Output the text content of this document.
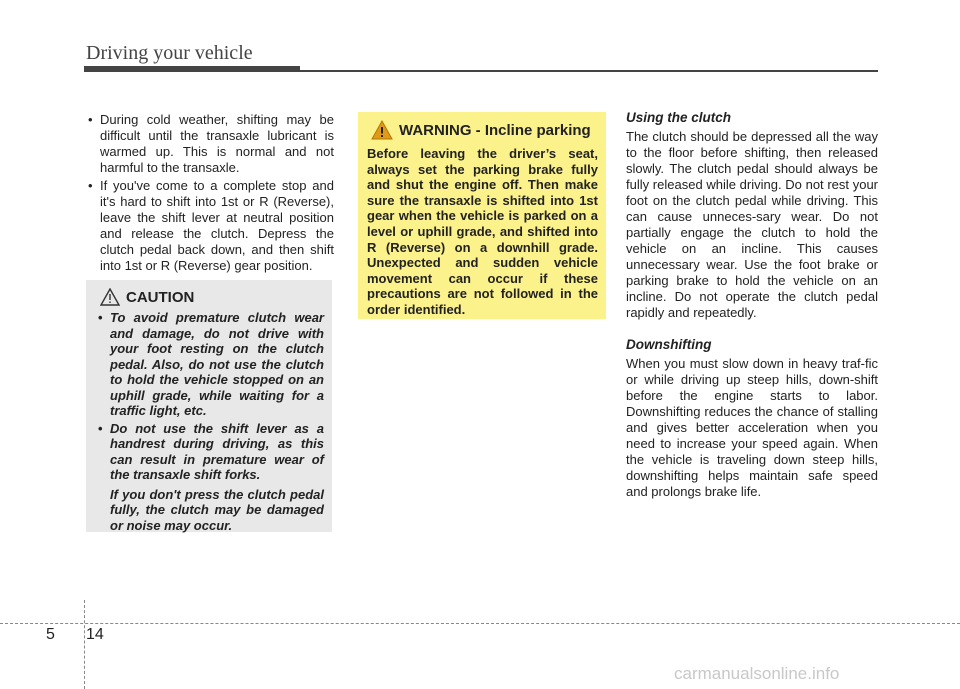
Driving your vehicle
• During cold weather, shifting may be difficult until the transaxle lubricant is warmed up. This is normal and not harmful to the transaxle.
• If you've come to a complete stop and it's hard to shift into 1st or R (Reverse), leave the shift lever at neutral position and release the clutch. Depress the clutch pedal back down, and then shift into 1st or R (Reverse) gear position.
CAUTION
• To avoid premature clutch wear and damage, do not drive with your foot resting on the clutch pedal. Also, do not use the clutch to hold the vehicle stopped on an uphill grade, while waiting for a traffic light, etc.
• Do not use the shift lever as a handrest during driving, as this can result in premature wear of the transaxle shift forks.
If you don't press the clutch pedal fully, the clutch may be damaged or noise may occur.
WARNING - Incline parking
Before leaving the driver’s seat, always set the parking brake fully and shut the engine off. Then make sure the transaxle is shifted into 1st gear when the vehicle is parked on a level or uphill grade, and shifted into R (Reverse) on a downhill grade. Unexpected and sudden vehicle movement can occur if these precautions are not followed in the order identified.
Using the clutch

The clutch should be depressed all the way to the floor before shifting, then released slowly. The clutch pedal should always be fully released while driving. Do not rest your foot on the clutch pedal while driving. This can cause unneces-sary wear. Do not partially engage the clutch to hold the vehicle on an incline. This causes unnecessary wear. Use the foot brake or parking brake to hold the vehicle on an incline. Do not operate the clutch pedal rapidly and repeatedly.

Downshifting

When you must slow down in heavy traf-fic or while driving up steep hills, down-shift before the engine starts to labor. Downshifting reduces the chance of stalling and gives better acceleration when you need to increase your speed again. When the vehicle is traveling down steep hills, downshifting helps maintain safe speed and prolongs brake life.

5 14
carmanualsonline.info
